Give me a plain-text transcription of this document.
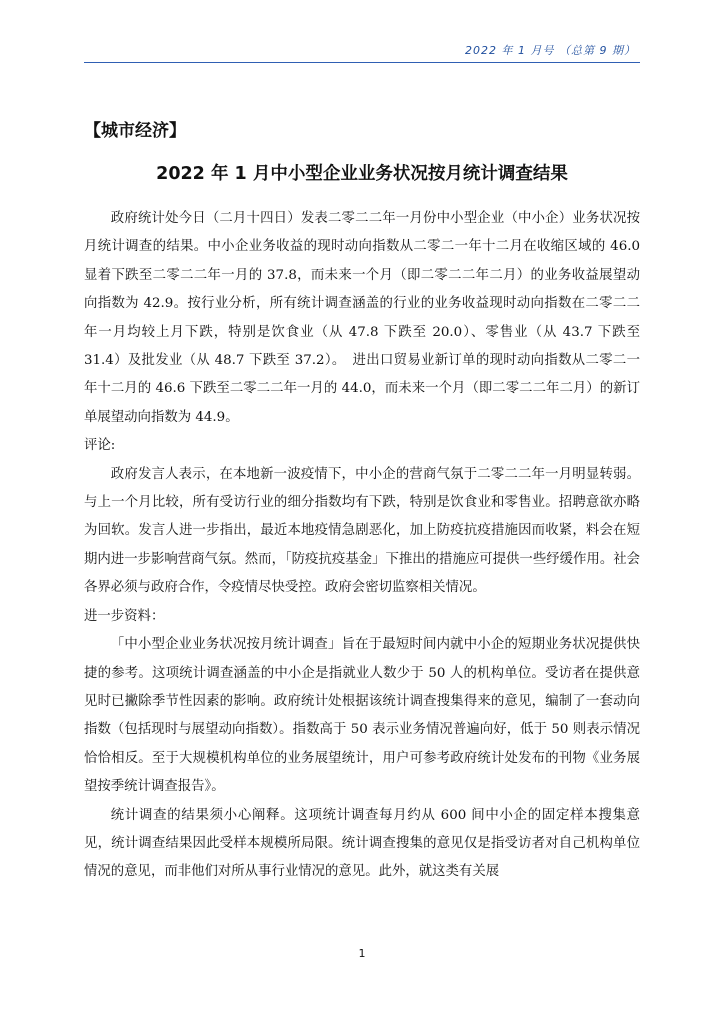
2022 年 1 月号 （总第 9 期）
【城市经济】
2022 年 1 月中小型企业业务状况按月统计调查结果

政府统计处今日（二月十四日）发表二零二二年一月份中小型企业（中小企）业务状况按月统计调查的结果。中小企业务收益的现时动向指数从二零二一年十二月在收缩区域的 46.0 显着下跌至二零二二年一月的 37.8，而未来一个月（即二零二二年二月）的业务收益展望动向指数为 42.9。按行业分析，所有统计调查涵盖的行业的业务收益现时动向指数在二零二二年一月均较上月下跌，特别是饮食业（从 47.8 下跌至 20.0）、零售业（从 43.7 下跌至 31.4）及批发业（从 48.7 下跌至 37.2）。　进出口贸易业新订单的现时动向指数从二零二一年十二月的 46.6 下跌至二零二二年一月的 44.0，而未来一个月（即二零二二年二月）的新订单展望动向指数为 44.9。

评论:

政府发言人表示，在本地新一波疫情下，中小企的营商气氛于二零二二年一月明显转弱。与上一个月比较，所有受访行业的细分指数均有下跌，特别是饮食业和零售业。招聘意欲亦略为回软。发言人进一步指出，最近本地疫情急剧恶化，加上防疫抗疫措施因而收紧，料会在短期内进一步影响营商气氛。然而，「防疫抗疫基金」下推出的措施应可提供一些纾缓作用。社会各界必须与政府合作，令疫情尽快受控。政府会密切监察相关情况。

进一步资料：

「中小型企业业务状况按月统计调查」旨在于最短时间内就中小企的短期业务状况提供快捷的参考。这项统计调查涵盖的中小企是指就业人数少于 50 人的机构单位。受访者在提供意见时已撇除季节性因素的影响。政府统计处根据该统计调查搜集得来的意见，编制了一套动向指数（包括现时与展望动向指数）。指数高于 50 表示业务情况普遍向好，低于 50 则表示情况恰恰相反。至于大规模机构单位的业务展望统计，用户可参考政府统计处发布的刊物《业务展望按季统计调查报告》。

统计调查的结果须小心阐释。这项统计调查每月约从 600 间中小企的固定样本搜集意见，统计调查结果因此受样本规模所局限。统计调查搜集的意见仅是指受访者对自己机构单位情况的意见，而非他们对所从事行业情况的意见。此外，就这类有关展

1
